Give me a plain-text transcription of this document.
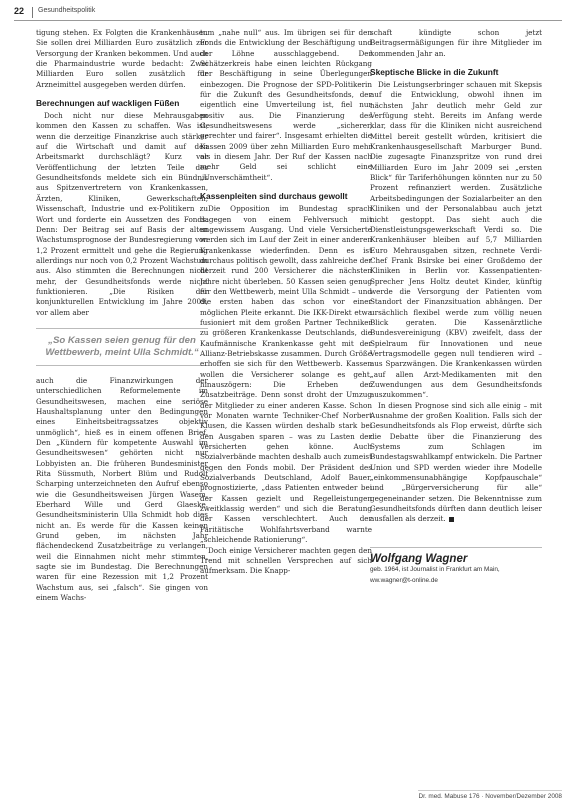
22 Gesundheitspolitik

tigung stehen. Ex Folgten die Krankenhäuser. Sie sollen drei Milliarden Euro zusätzlich zur Versorgung der Kranken bekommen. Und auch die Pharmaindustrie wurde bedacht: Zwei Milliarden Euro sollen zusätzlich für Arzneimittel ausgegeben werden dürfen.

Berechnungen auf wackligen Füßen

Doch nicht nur diese Mehrausgaben kommen den Kassen zu schaffen. Was ist, wenn die derzeitige Finanzkrise auch stärker auf die Wirtschaft und damit auf den Arbeitsmarkt durchschlägt? Kurz vor Veröffentlichung der letzten Teile des Gesundheitsfonds meldete sich ein Bündnis aus Spitzenvertretern von Krankenkassen, Ärzten, Kliniken, Gewerkschaften, Wissenschaft, Industrie und ex-Politikern zu Wort und forderte ein Aussetzen des Fonds. Denn: Der Beitrag sei auf Basis der alten Wachstumsprognose der Bundesregierung von 1,2 Prozent ermittelt und gehe die Regierung allerdings nur noch von 0,2 Prozent Wachstum aus. Also stimmten die Berechnungen nicht mehr, der Gesundheitsfonds werde nicht funktionieren. „Die Risiken der konjunkturellen Entwicklung im Jahre 2009, vor allem aber

„So Kassen seien genug für den Wettbewerb, meint Ulla Schmidt.“

auch die Finanzwirkungen der unterschiedlichen Reformelemente im Gesundheitswesen, machen eine seriöse Haushaltsplanung unter den Bedingungen eines Einheitsbeitragssatzes objektiv unmöglich“, hieß es in einem offenen Brief. Den „Kündern für kompetente Auswahl im Gesundheitswesen“ gehörten nicht nur Lobbyisten an. Die früheren Bundesminister Rita Süssmuth, Norbert Blüm und Rudolf Scharping unterzeichneten den Aufruf ebenso wie die Gesundheitsweisen Jürgen Wasem, Eberhard Wille und Gerd Glaeske. Gesundheitsministerin Ulla Schmidt hob dies nicht an. Es werde für die Kassen keinen Grund geben, im nächsten Jahr flächendeckend Zusatzbeiträge zu verlangen, weil die Einnahmen nicht mehr stimmten, sagte sie im Bundestag. Die Berechnungen waren für eine Rezession mit 1,2 Prozent Wachstum aus, sei „falsch“. Sie gingen von einem Wachs-

tum „nahe null“ aus. Im übrigen sei für den Fonds die Entwicklung der Beschäftigung und der Löhne ausschlaggebend. Der Schätzerkreis habe einen leichten Rückgang der Beschäftigung in seine Überlegungen einbezogen. Die Prognose der SPD-Politikerin für die Zukunft des Gesundheitsfonds, der eigentlich eine Umverteilung ist, fiel nur positiv aus. Die Finanzierung des Gesundheitswesens werde „sicherer, gerechter und fairer“. Insgesamt erhielten die Kassen 2009 über zehn Milliarden Euro mehr als in diesem Jahr. Der Ruf der Kassen nach mehr Geld sei schlicht eine „Unverschämtheit“.

Kassenpleiten sind durchaus gewollt

Die Opposition im Bundestag sprach dagegen von einem Fehlversuch mit ungewissem Ausgang. Und viele Versicherte werden sich im Lauf der Zeit in einer anderen Krankenkasse wiederfinden. Denn es ist durchaus politisch gewollt, dass zahlreiche der derzeit rund 200 Versicherer die nächsten Jahre nicht überleben. 50 Kassen seien genug für den Wettbewerb, meint Ulla Schmidt – und die ersten haben das schon vor einer möglichen Pleite erkannt. Die IKK-Direkt etwa fusioniert mit dem großen Partner Techniker zu größeren Krankenkasse Deutschlands, die Kaufmännische Krankenkasse geht mit der Allianz-Betriebskasse zusammen. Durch Größe erhoffen sie sich für den Wettbewerb. Kassen wollen die Versicherer solange es geht, hinauszögern: Die Erheben der Zusatzbeiträge. Denn sonst droht der Umzug der Mitglieder zu einer anderen Kasse. Schon vor Monaten warnte Techniker-Chef Norbert Klusen, die Kassen würden deshalb stark bei den Ausgaben sparen – was zu Lasten der Versicherten gehen könne. Auch Sozialverbände machten deshalb auch zumeist gegen den Fonds mobil. Der Präsident des Sozialverbands Deutschland, Adolf Bauer, prognostizierte, „dass Patienten entweder bei der Kassen gezielt und Regelleistungen zweitklassig werden“ und sich die Beratung der Kassen verschlechtert. Auch der Paritätische Wohlfahrtsverband warnte „schleichende Rationierung“.

Doch einige Versicherer machten gegen den Trend mit schnellen Versprechen auf sich aufmerksam. Die Knapp-

schaft kündigte schon jetzt Beitragsermäßigungen für ihre Mitglieder im kommenden Jahr an.

Skeptische Blicke in die Zukunft

Die Leistungserbringer schauen mit Skepsis auf die Entwicklung, obwohl ihnen im nächsten Jahr deutlich mehr Geld zur Verfügung steht. Bereits im Anfang werde klar, dass für die Kliniken nicht ausreichend Mittel bereit gestellt würden, kritisiert die Krankenhausgesellschaft Marburger Bund. Die zugesagte Finanzspritze von rund drei Milliarden Euro im Jahr 2009 sei „ersten Blick“ für Tariferhöhungen könnten nur zu 50 Prozent refinanziert werden. Zusätzliche Arbeitsbedingungen der Sozialarbeiter an den Kliniken und der Personalabbau auch jetzt nicht gestoppt. Das sieht auch die Dienstleistungsgewerkschaft Verdi so. Die Krankenhäuser bleiben auf 5,7 Milliarden Euro Mehrausgaben sitzen, rechnete Verdi-Chef Frank Bsirske bei einer Großdemo der Kliniken in Berlin vor. Kassenpatienten-Sprecher Jens Holtz deutet Kinder, künftig werde die Versorgung der Patienten vom Standort der Finanzsituation abhängen. Der ursächlich flexibel werde zum völlig neuen Blick geraten. Die Kassenärztliche Bundesvereinigung (KBV) zweifelt, dass der Spielraum für Innovationen und neue Vertragsmodelle gegen null tendieren wird – aus Sparzwängen. Die Krankenkassen würden „auf allen Arzt-Medikamenten mit den Zuwendungen aus dem Gesundheitsfonds auszukommen“.

In diesen Prognose sind sich alle einig – mit Ausnahme der großen Koalition. Falls sich der Gesundheitsfonds als Flop erweist, dürfte sich die Debatte über die Finanzierung des Systems zum Schlagen im Bundestagswahlkampf entwickeln. Die Partner Union und SPD werden wieder ihre Modelle „einkommensunabhängige Kopfpauschale“ und „Bürgerversicherung für alle“ gegeneinander setzen. Die Bekenntnisse zum Gesundheitsfonds dürften dann deutlich leiser ausfallen als derzeit.

Wolfgang Wagner
geb. 1964, ist Journalist in Frankfurt am Main,
ww.wagner@t-online.de
Dr. med. Mabuse 176 · November/Dezember 2008
